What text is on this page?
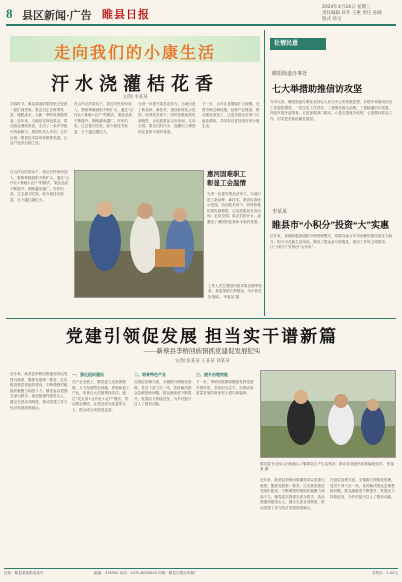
8 县区新闻·广告 睢县日报
2024年4月24日 星期三
责任编辑 孙冬 王惠 责任 孙晓
版式 孙宝
走向我们的小康生活
汗水浇灌桔花香
文/图 李某某
初春时节，睢县某地的果园里已经是一派忙碌景象。果农们正在修剪枝条、施肥浇水，为新一季的收成做准备。近年来，当地依托特色果业，带动群众增收致富，走出了一条乡村振兴的新路子。果园负责人介绍，合作社统一提供技术指导和销售渠道，让农户没有后顾之忧。
在合作社的带动下，周边村民纷纷加入，果树种植面积不断扩大。通过“合作社+基地+农户”的模式，果品品质不断提升，销路越来越广。村民们说，过去靠天吃饭，如今靠技术致富，日子越过越红火。
为进一步提升果品竞争力，当地引进了新品种、新技术，建设标准化示范园，培训技术骨干。同时积极拓展电商销售，让优质果品走出田间、走向全国。果农们的汗水，浇灌出了满园的花香和丰收的希望。
下一步，合作社将继续扩大规模，完善冷链仓储设施，延伸产业链条，推动果品深加工，让更多群众在家门口就业增收，共同奔向更加美好的小康生活。
工作人员在果园内指导果农修剪枝条，查看果树长势情况，为丰收打好基础。 李某某 摄
在合作社的带动下，周边村民纷纷加入，果树种植面积不断扩大。通过“合作社+基地+农户”的模式，果品品质不断提升，销路越来越广。村民们说，过去靠天吃饭，如今靠技术致富，日子越过越红火。
惠河固难职工
彰显工会温情
为进一步提升果品竞争力，当地引进了新品种、新技术，建设标准化示范园，培训技术骨干。同时积极拓展电商销售，让优质果品走出田间、走向全国。果农们的汗水，浇灌出了满园的花香和丰收的希望。
社情民意
睢阳街道办事处
七大举措助推信访攻坚
今年以来，睢阳街道办事处坚持以人民为中心的发展思想，多措并举推动信访工作提质增效。一是压实工作责任，二是强化源头治理，三是畅通信访渠道，四是开展矛盾排查，五是加强部门联动，六是完善督办机制，七是做好群众工作，切实把矛盾化解在基层。
李某某
睢县市“小积分”投资“大”实惠
近年来，某地积极探索积分制管理模式，将群众参与乡村治理的情况量化为积分，积分可兑换生活用品，激发了群众参与积极性，推动了乡风文明建设，让“小积分”发挥出“大作用”。
党建引领促发展 担当实干谱新篇
——新蔡县李桥回族镇抓党建促发展纪实
文/图 张某某 王某某 刘某某
近年来，新蔡县李桥回族镇坚持以党建为统领，聚焦发展第一要务，扎实推进基层党组织建设，不断增强村级组织凝聚力和战斗力。镇党委以建强支部为抓手，选优配强村级带头人，健全完善各项制度，推动党建工作与经济发展深度融合。
一、强化组织建设
在产业发展上，镇党委立足资源禀赋，大力发展特色种植、养殖和加工产业，培育壮大村级集体经济。通过“党支部+合作社+农户”模式，带动群众增收，让党员成为致富带头人、群众成为发展受益者。
二、培育特色产业
在基层治理方面，全镇推行网格化管理，党员干部下沉一线，及时解决群众急难愁盼问题，群众满意度不断提升，发展活力持续迸发，为乡村振兴注入了强劲动能。
三、提升治理效能
下一步，李桥回族镇将继续发挥党建引领作用，坚持担当实干，在推动高质量发展的新征程上谱写新篇章。
镇党委书记深入田间地头了解群众生产生活情况，推动各项惠民政策落地见效。 张某某 摄
近年来，新蔡县李桥回族镇坚持以党建为统领，聚焦发展第一要务，扎实推进基层党组织建设，不断增强村级组织凝聚力和战斗力。镇党委以建强支部为抓手，选优配强村级带头人，健全完善各项制度，推动党建工作与经济发展深度融合。
在基层治理方面，全镇推行网格化管理，党员干部下沉一线，及时解决群众急难愁盼问题，群众满意度不断提升，发展活力持续迸发，为乡村振兴注入了强劲动能。
社址：睢县某某路某某号	邮编：476900 电话：0370-8000000 印刷：睢县日报社印刷厂	零售价：1.00元
